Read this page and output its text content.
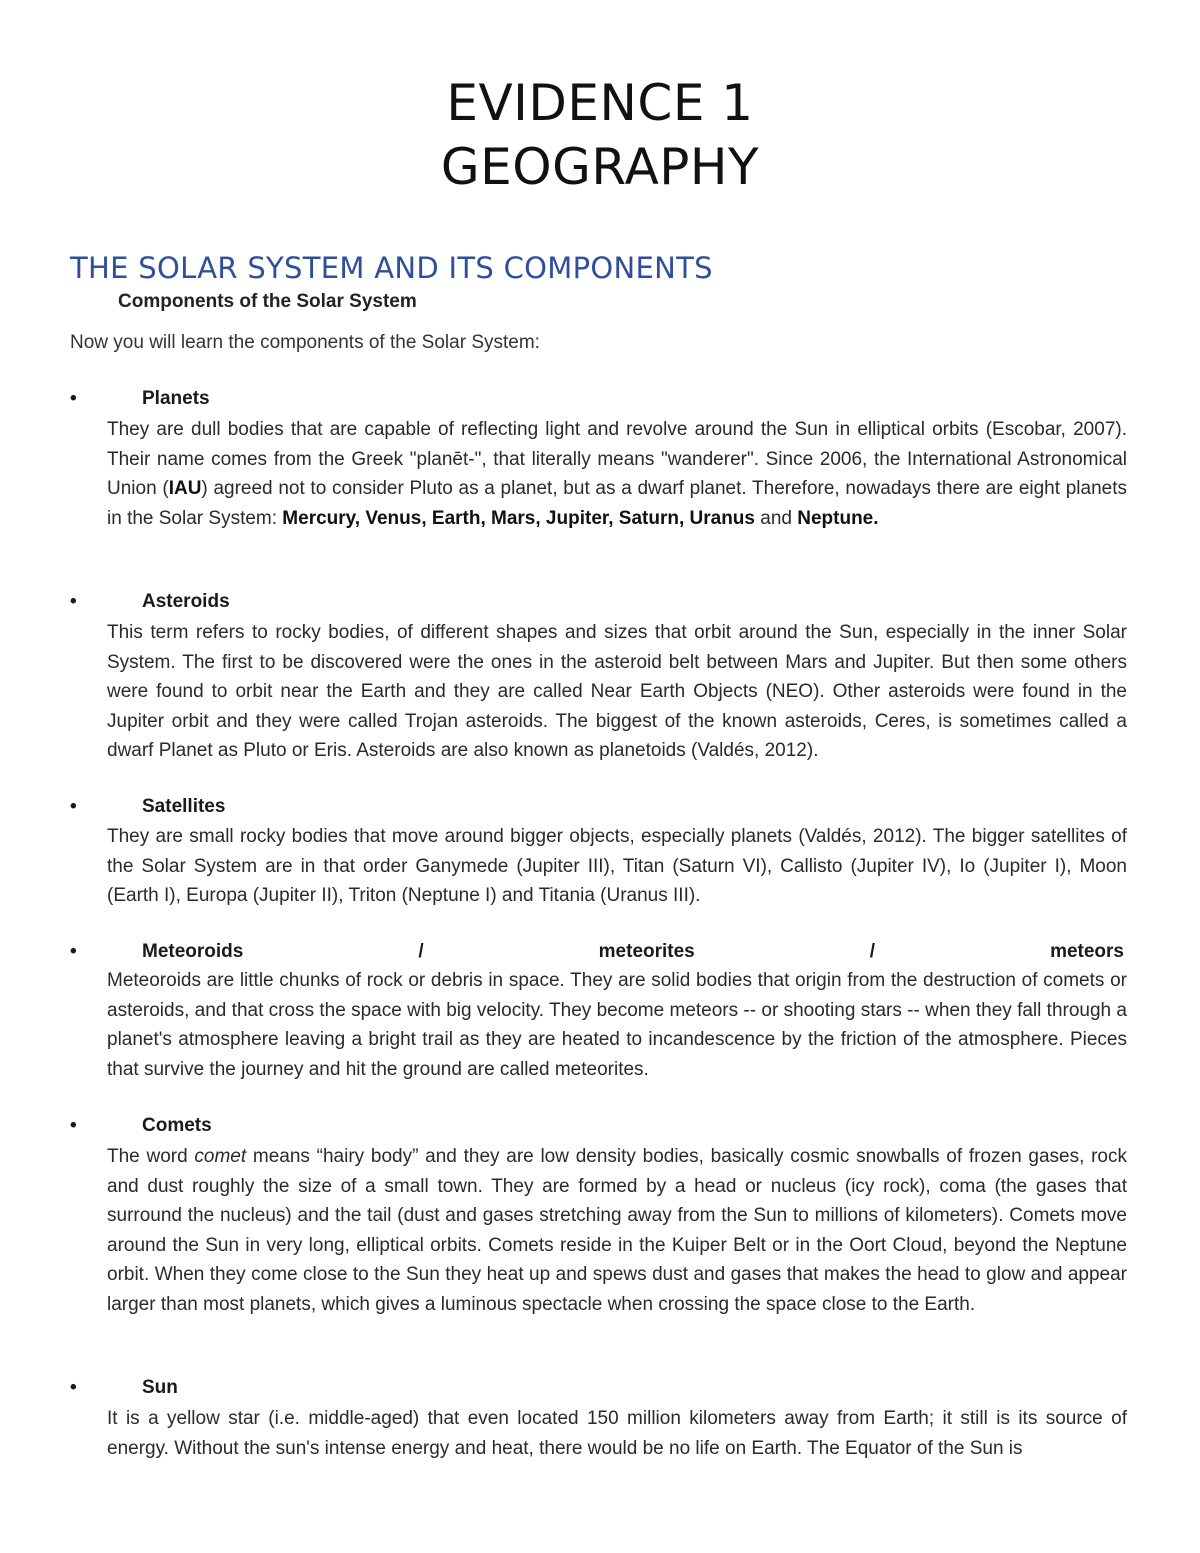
EVIDENCE 1
GEOGRAPHY
THE SOLAR SYSTEM AND ITS COMPONENTS
Components of the Solar System
Now you will learn the components of the Solar System:
•	Planets
They are dull bodies that are capable of reflecting light and revolve around the Sun in elliptical orbits (Escobar, 2007). Their name comes from the Greek "planēt-", that literally means "wanderer". Since 2006, the International Astronomical Union (IAU) agreed not to consider Pluto as a planet, but as a dwarf planet. Therefore, nowadays there are eight planets in the Solar System: Mercury, Venus, Earth, Mars, Jupiter, Saturn, Uranus and Neptune.
•	Asteroids
This term refers to rocky bodies, of different shapes and sizes that orbit around the Sun, especially in the inner Solar System. The first to be discovered were the ones in the asteroid belt between Mars and Jupiter. But then some others were found to orbit near the Earth and they are called Near Earth Objects (NEO). Other asteroids were found in the Jupiter orbit and they were called Trojan asteroids. The biggest of the known asteroids, Ceres, is sometimes called a dwarf Planet as Pluto or Eris. Asteroids are also known as planetoids (Valdés, 2012).
•	Satellites
They are small rocky bodies that move around bigger objects, especially planets (Valdés, 2012). The bigger satellites of the Solar System are in that order Ganymede (Jupiter III), Titan (Saturn VI), Callisto (Jupiter IV), Io (Jupiter I), Moon (Earth I), Europa (Jupiter II), Triton (Neptune I) and Titania (Uranus III).
•	Meteoroids / meteorites / meteors
Meteoroids are little chunks of rock or debris in space. They are solid bodies that origin from the destruction of comets or asteroids, and that cross the space with big velocity. They become meteors -- or shooting stars -- when they fall through a planet's atmosphere leaving a bright trail as they are heated to incandescence by the friction of the atmosphere. Pieces that survive the journey and hit the ground are called meteorites.
•	Comets
The word comet means “hairy body” and they are low density bodies, basically cosmic snowballs of frozen gases, rock and dust roughly the size of a small town. They are formed by a head or nucleus (icy rock), coma (the gases that surround the nucleus) and the tail (dust and gases stretching away from the Sun to millions of kilometers). Comets move around the Sun in very long, elliptical orbits. Comets reside in the Kuiper Belt or in the Oort Cloud, beyond the Neptune orbit. When they come close to the Sun they heat up and spews dust and gases that makes the head to glow and appear larger than most planets, which gives a luminous spectacle when crossing the space close to the Earth.
•	Sun
It is a yellow star (i.e. middle-aged) that even located 150 million kilometers away from Earth; it still is its source of energy. Without the sun's intense energy and heat, there would be no life on Earth. The Equator of the Sun is
